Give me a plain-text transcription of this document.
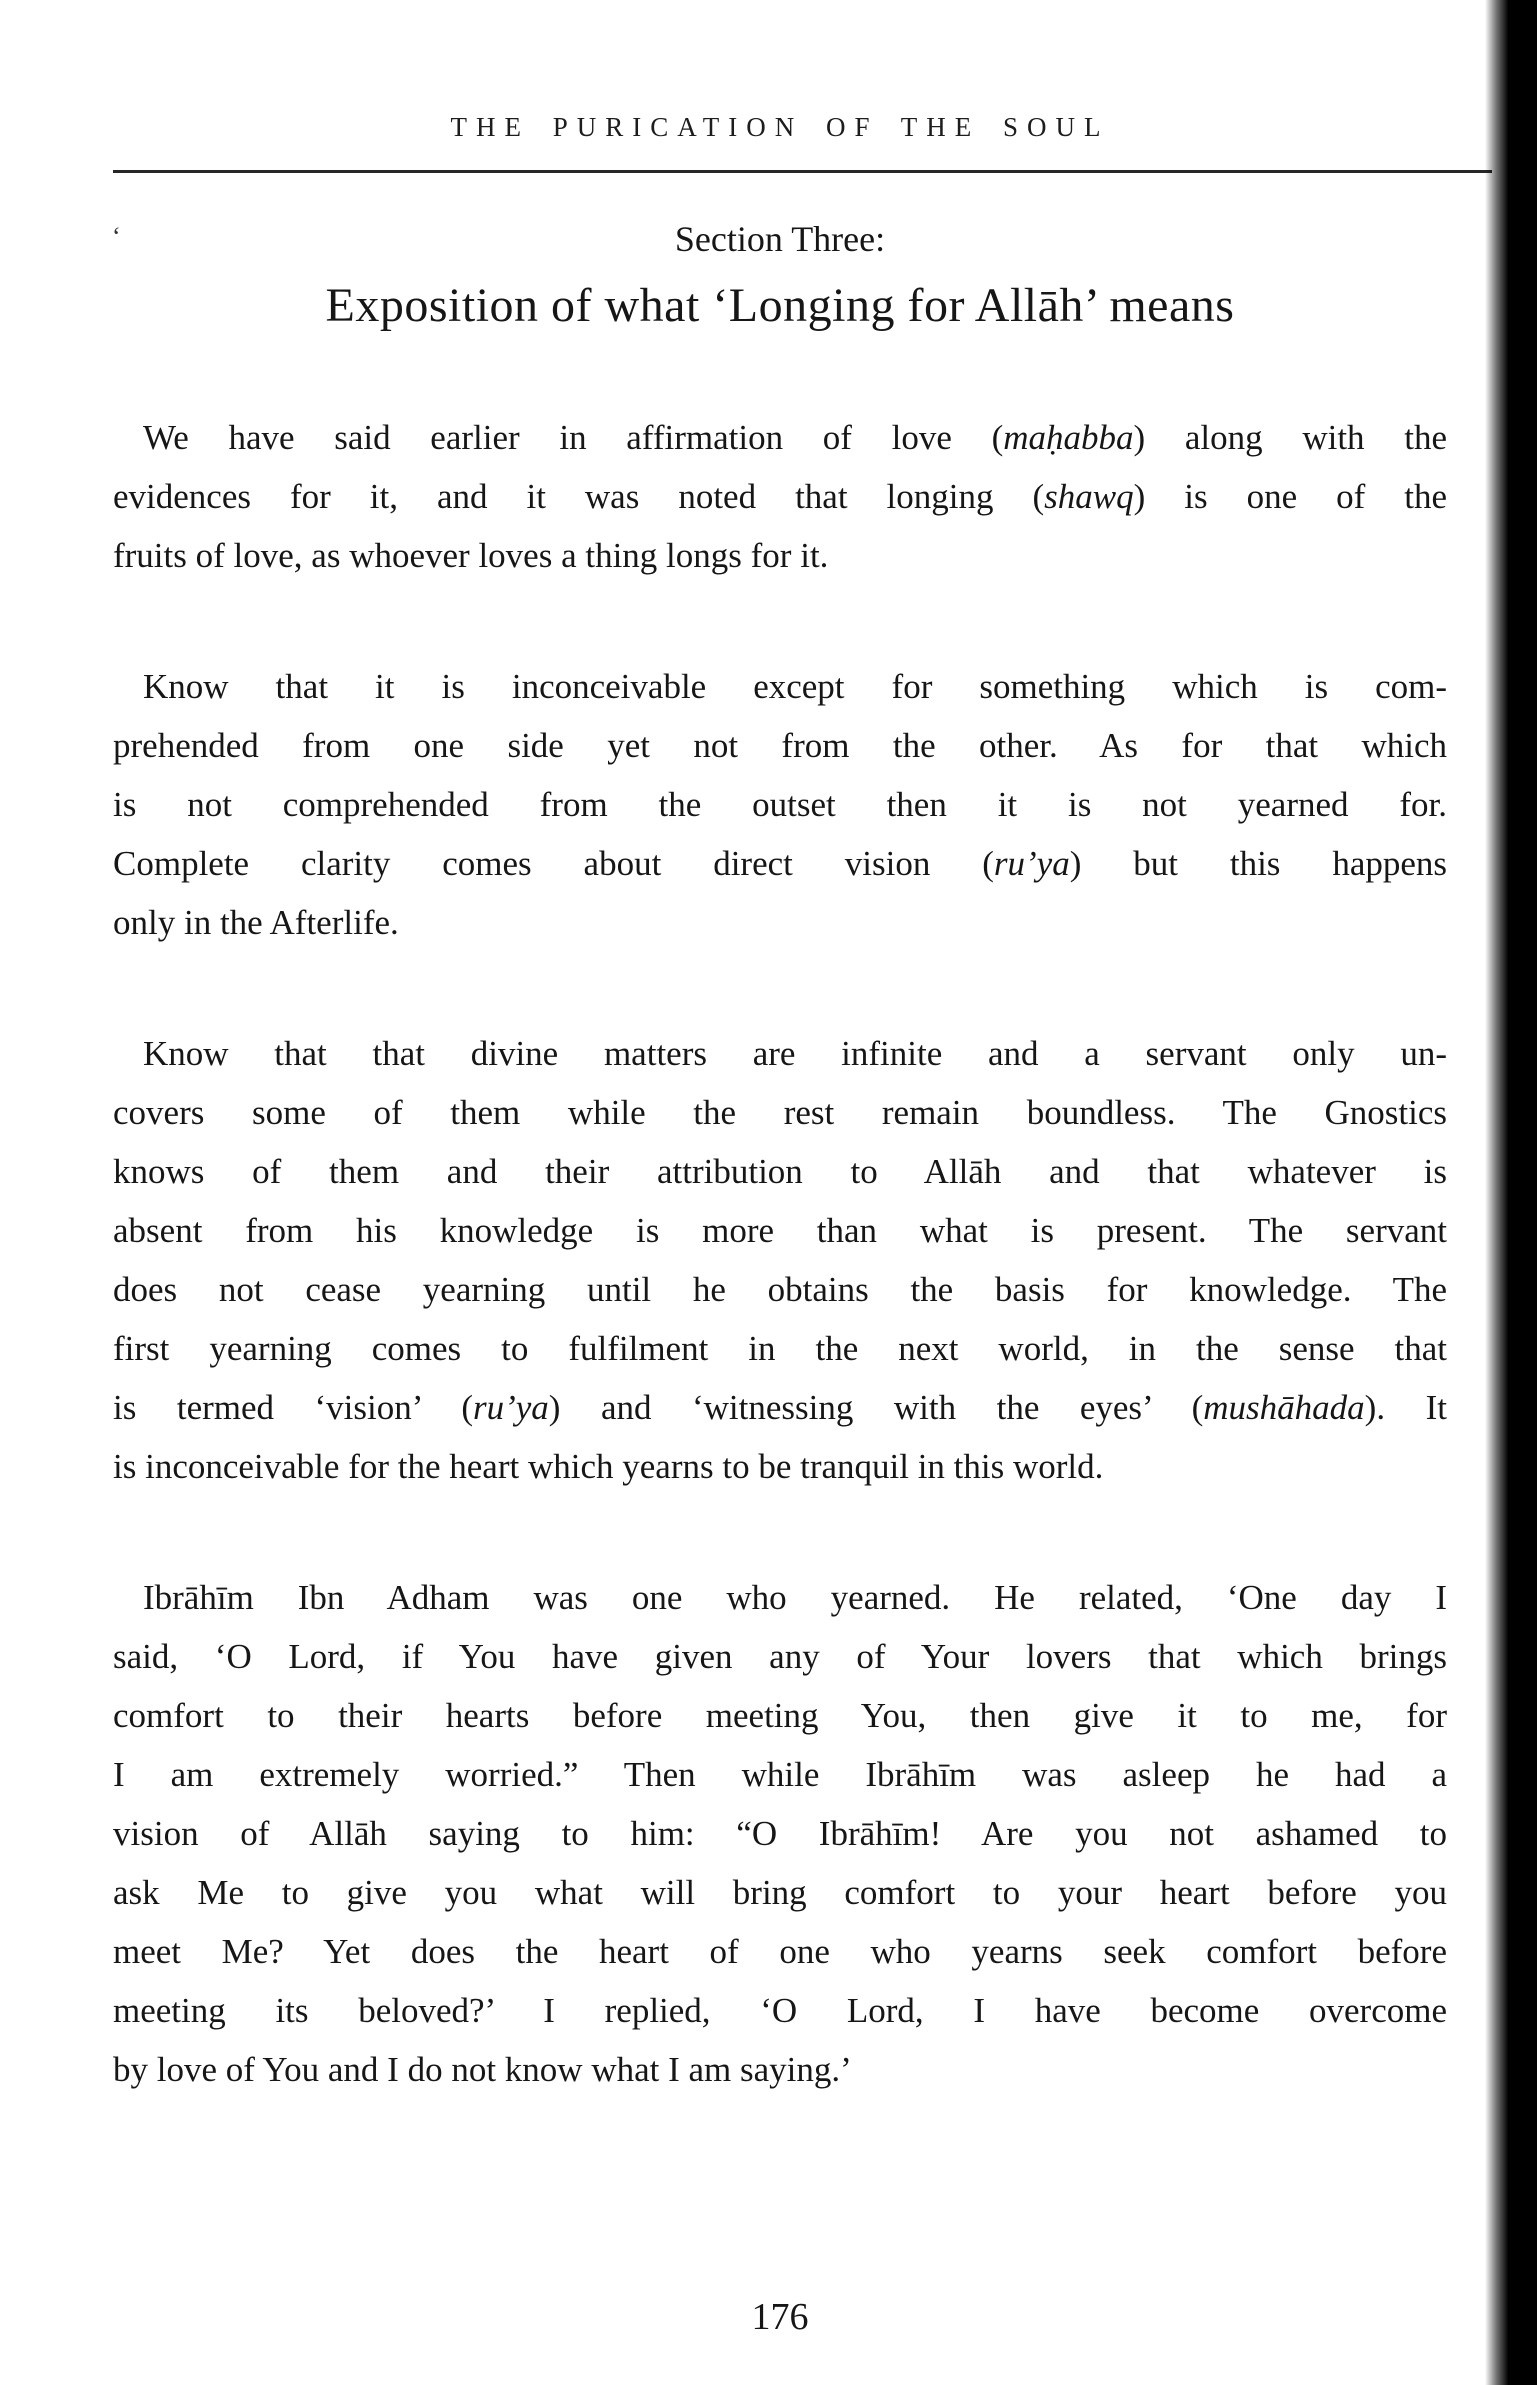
THE PURICATION OF THE SOUL
‘	Section Three:
Exposition of what ‘Longing for Allāh’ means
We have said earlier in affirmation of love (maḥabba) along with the
evidences for it, and it was noted that longing (shawq) is one of the
fruits of love, as whoever loves a thing longs for it.
Know that it is inconceivable except for something which is com-
prehended from one side yet not from the other. As for that which
is not comprehended from the outset then it is not yearned for.
Complete clarity comes about direct vision (ru’ya) but this happens
only in the Afterlife.
Know that that divine matters are infinite and a servant only un-
covers some of them while the rest remain boundless. The Gnostics
knows of them and their attribution to Allāh and that whatever is
absent from his knowledge is more than what is present. The servant
does not cease yearning until he obtains the basis for knowledge. The
first yearning comes to fulfilment in the next world, in the sense that
is termed ‘vision’ (ru’ya) and ‘witnessing with the eyes’ (mushāhada). It
is inconceivable for the heart which yearns to be tranquil in this world.
Ibrāhīm Ibn Adham was one who yearned. He related, ‘One day I
said, ‘O Lord, if You have given any of Your lovers that which brings
comfort to their hearts before meeting You, then give it to me, for
I am extremely worried.” Then while Ibrāhīm was asleep he had a
vision of Allāh saying to him: “O Ibrāhīm! Are you not ashamed to
ask Me to give you what will bring comfort to your heart before you
meet Me? Yet does the heart of one who yearns seek comfort before
meeting its beloved?’ I replied, ‘O Lord, I have become overcome
by love of You and I do not know what I am saying.’
176
